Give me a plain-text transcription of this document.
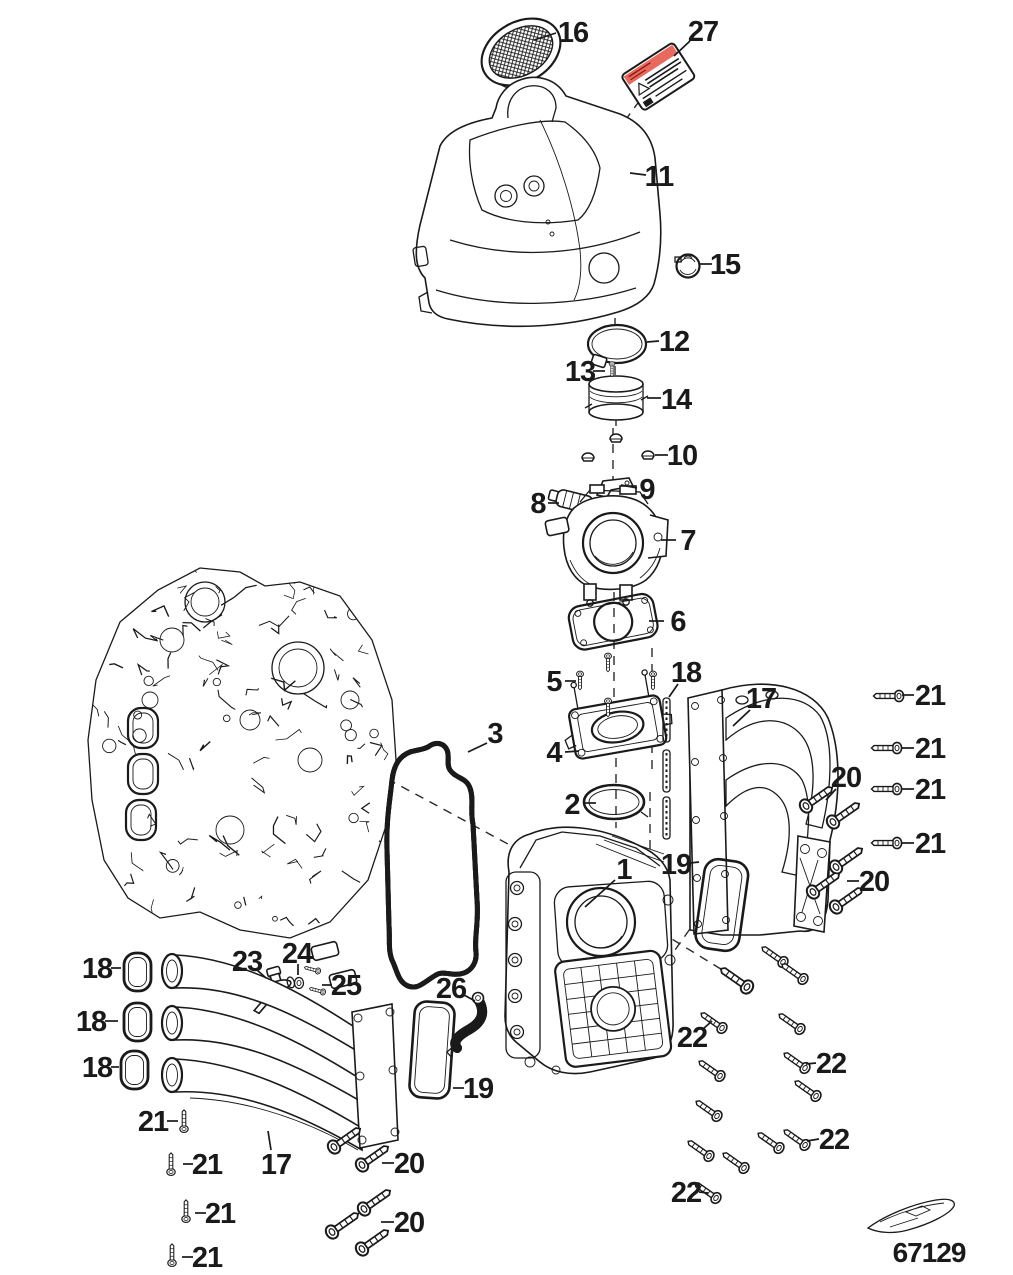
67129
16	27
11
15
12
13
14
10
9
8
7
6
5
4
2
3
18
17	21
21
21
21
20
20
19
1
22
22
22
22
23 24
25
18
18
18
21
21
21
21
17
19
26
20
20
